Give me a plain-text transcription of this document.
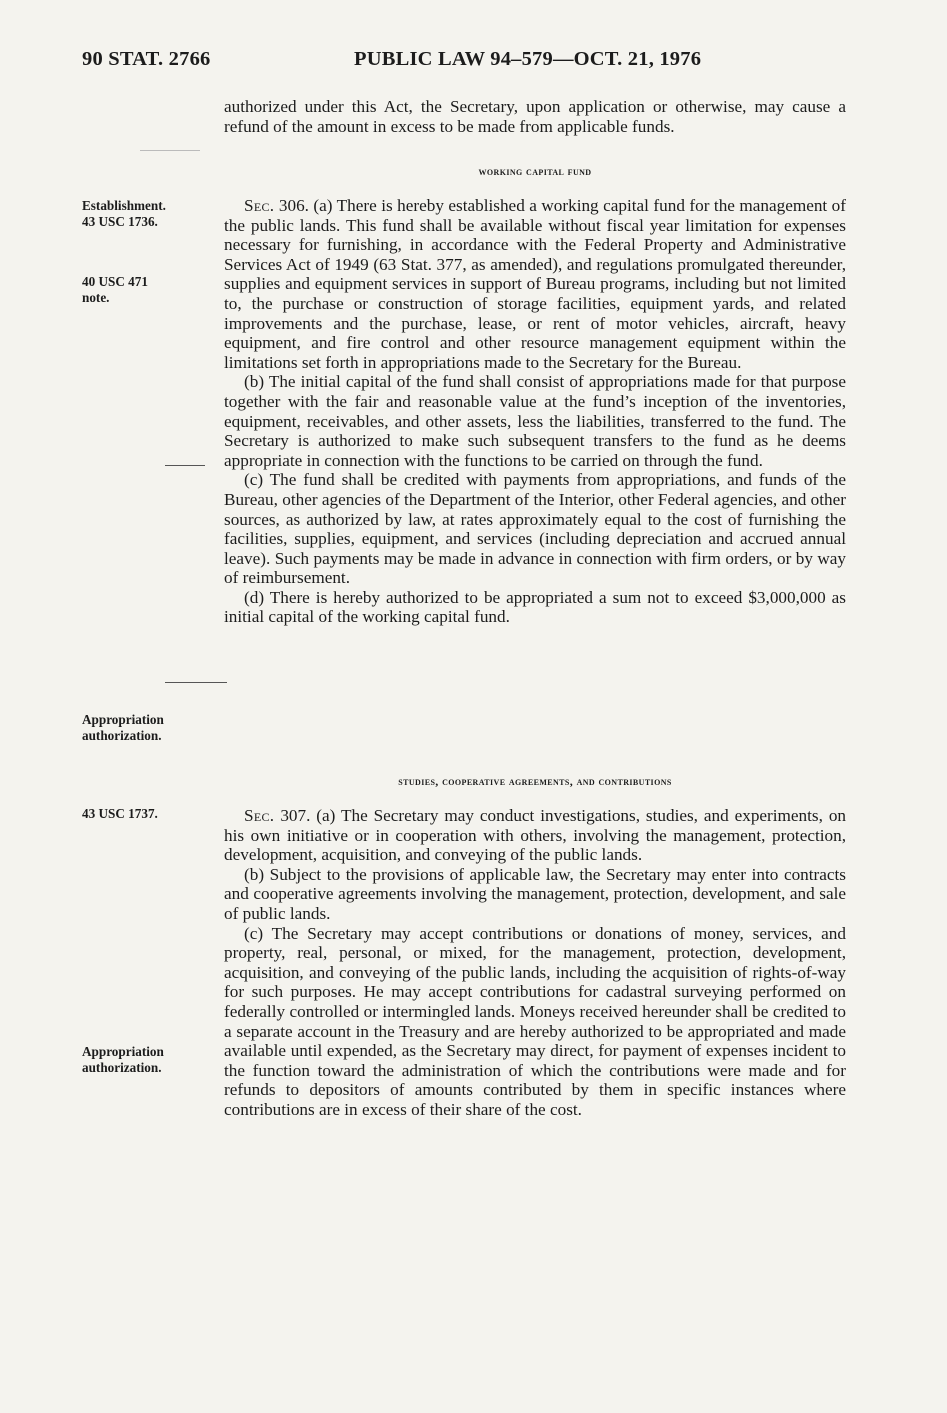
90 STAT. 2766	PUBLIC LAW 94–579—OCT. 21, 1976

authorized under this Act, the Secretary, upon application or otherwise, may cause a refund of the amount in excess to be made from applicable funds.

working capital fund

Sec. 306. (a) There is hereby established a working capital fund for the management of the public lands. This fund shall be available without fiscal year limitation for expenses necessary for furnishing, in accordance with the Federal Property and Administrative Services Act of 1949 (63 Stat. 377, as amended), and regulations promulgated thereunder, supplies and equipment services in support of Bureau programs, including but not limited to, the purchase or construction of storage facilities, equipment yards, and related improvements and the purchase, lease, or rent of motor vehicles, aircraft, heavy equipment, and fire control and other resource management equipment within the limitations set forth in appropriations made to the Secretary for the Bureau.

(b) The initial capital of the fund shall consist of appropriations made for that purpose together with the fair and reasonable value at the fund’s inception of the inventories, equipment, receivables, and other assets, less the liabilities, transferred to the fund. The Secretary is authorized to make such subsequent transfers to the fund as he deems appropriate in connection with the functions to be carried on through the fund.

(c) The fund shall be credited with payments from appropriations, and funds of the Bureau, other agencies of the Department of the Interior, other Federal agencies, and other sources, as authorized by law, at rates approximately equal to the cost of furnishing the facilities, supplies, equipment, and services (including depreciation and accrued annual leave). Such payments may be made in advance in connection with firm orders, or by way of reimbursement.

(d) There is hereby authorized to be appropriated a sum not to exceed $3,000,000 as initial capital of the working capital fund.

studies, cooperative agreements, and contributions

Sec. 307. (a) The Secretary may conduct investigations, studies, and experiments, on his own initiative or in cooperation with others, involving the management, protection, development, acquisition, and conveying of the public lands.

(b) Subject to the provisions of applicable law, the Secretary may enter into contracts and cooperative agreements involving the management, protection, development, and sale of public lands.

(c) The Secretary may accept contributions or donations of money, services, and property, real, personal, or mixed, for the management, protection, development, acquisition, and conveying of the public lands, including the acquisition of rights-of-way for such purposes. He may accept contributions for cadastral surveying performed on federally controlled or intermingled lands. Moneys received hereunder shall be credited to a separate account in the Treasury and are hereby authorized to be appropriated and made available until expended, as the Secretary may direct, for payment of expenses incident to the function toward the administration of which the contributions were made and for refunds to depositors of amounts contributed by them in specific instances where contributions are in excess of their share of the cost.

Establishment.
43 USC 1736.
40 USC 471
note.
Appropriation
authorization.
43 USC 1737.
Appropriation
authorization.
